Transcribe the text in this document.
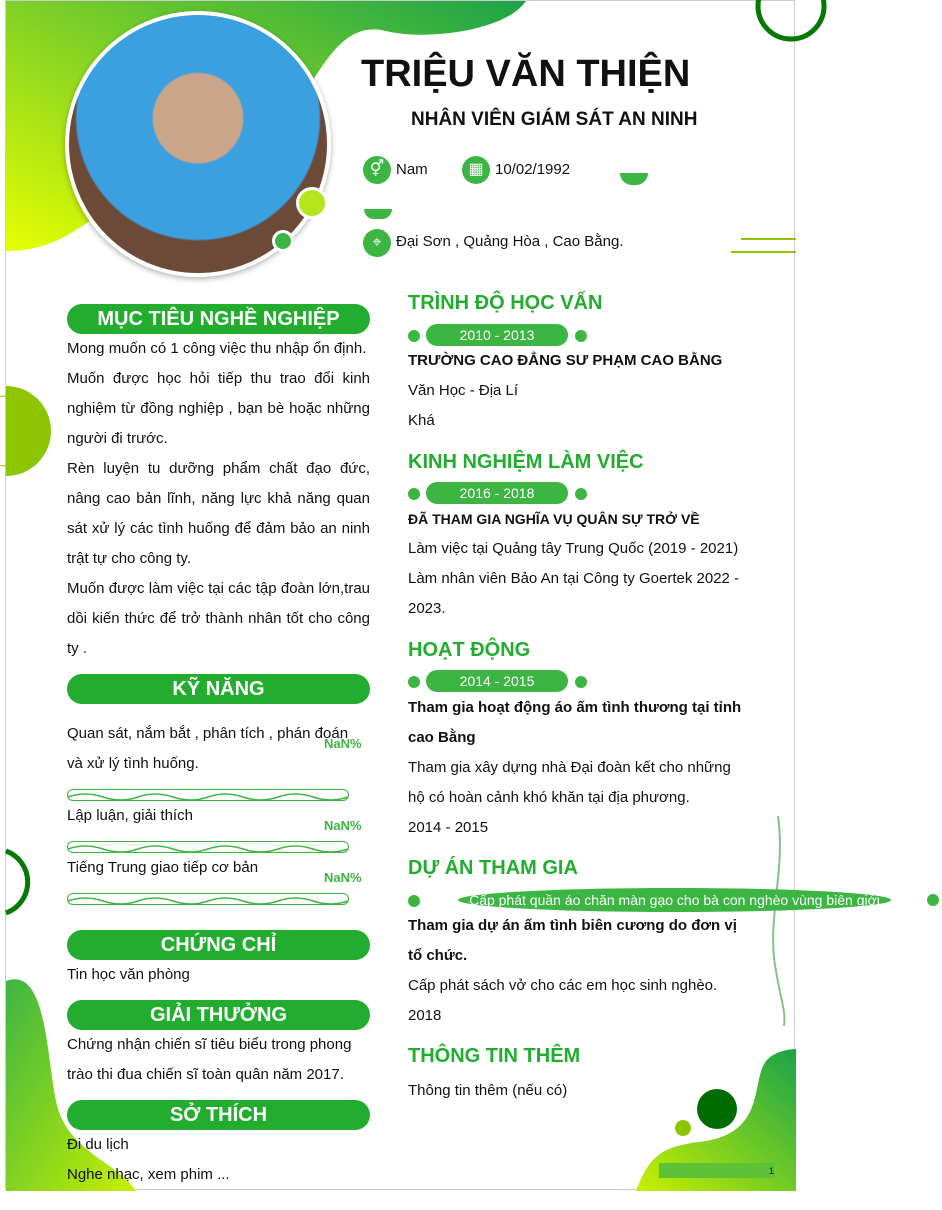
TRIỆU VĂN THIỆN
NHÂN VIÊN GIÁM SÁT AN NINH
⚥ Nam	▦ 10/02/1992
⌖ Đại Sơn , Quảng Hòa , Cao Bằng.
1
MỤC TIÊU NGHỀ NGHIỆP
Mong muốn có 1 công việc thu nhập ổn định.
Muốn được học hỏi tiếp thu trao đổi kinh nghiệm từ đồng nghiệp , bạn bè hoặc những người đi trước.
Rèn luyện tu dưỡng phẩm chất đạo đức, nâng cao bản lĩnh, năng lực khả năng quan sát xử lý các tình huống để đảm bảo an ninh trật tự cho công ty.
Muốn được làm việc tại các tập đoàn lớn,trau dồi kiến thức để trở thành nhân tốt cho công ty .
KỸ NĂNG
Quan sát, nắm bắt , phân tích , phán đoán và xử lý tình huống.
NaN%
Lập luận, giải thích
NaN%
Tiếng Trung giao tiếp cơ bản
NaN%
CHỨNG CHỈ
Tin học văn phòng
GIẢI THƯỞNG
Chứng nhận chiến sĩ tiêu biểu trong phong trào thi đua chiến sĩ toàn quân năm 2017.
SỞ THÍCH
Đi du lịch
Nghe nhạc, xem phim ...
TRÌNH ĐỘ HỌC VẤN
2010 - 2013
TRƯỜNG CAO ĐẲNG SƯ PHẠM CAO BẰNG
Văn Học - Địa Lí
Khá
KINH NGHIỆM LÀM VIỆC
2016 - 2018
ĐÃ THAM GIA NGHĨA VỤ QUÂN SỰ TRỞ VỀ
Làm việc tại Quảng tây Trung Quốc (2019 - 2021)
Làm nhân viên Bảo An tại Công ty Goertek 2022 - 2023.
HOẠT ĐỘNG
2014 - 2015
Tham gia hoạt động áo ấm tình thương tại tỉnh cao Bằng
Tham gia xây dựng nhà Đại đoàn kết cho những hộ có hoàn cảnh khó khăn tại địa phương.
2014 - 2015
DỰ ÁN THAM GIA
Cấp phát quần áo chăn màn gạo cho bà con nghèo vùng biên giới
Tham gia dự án ấm tình biên cương do đơn vị tổ chức.
Cấp phát sách vở cho các em học sinh nghèo.
2018
THÔNG TIN THÊM
Thông tin thêm (nếu có)
